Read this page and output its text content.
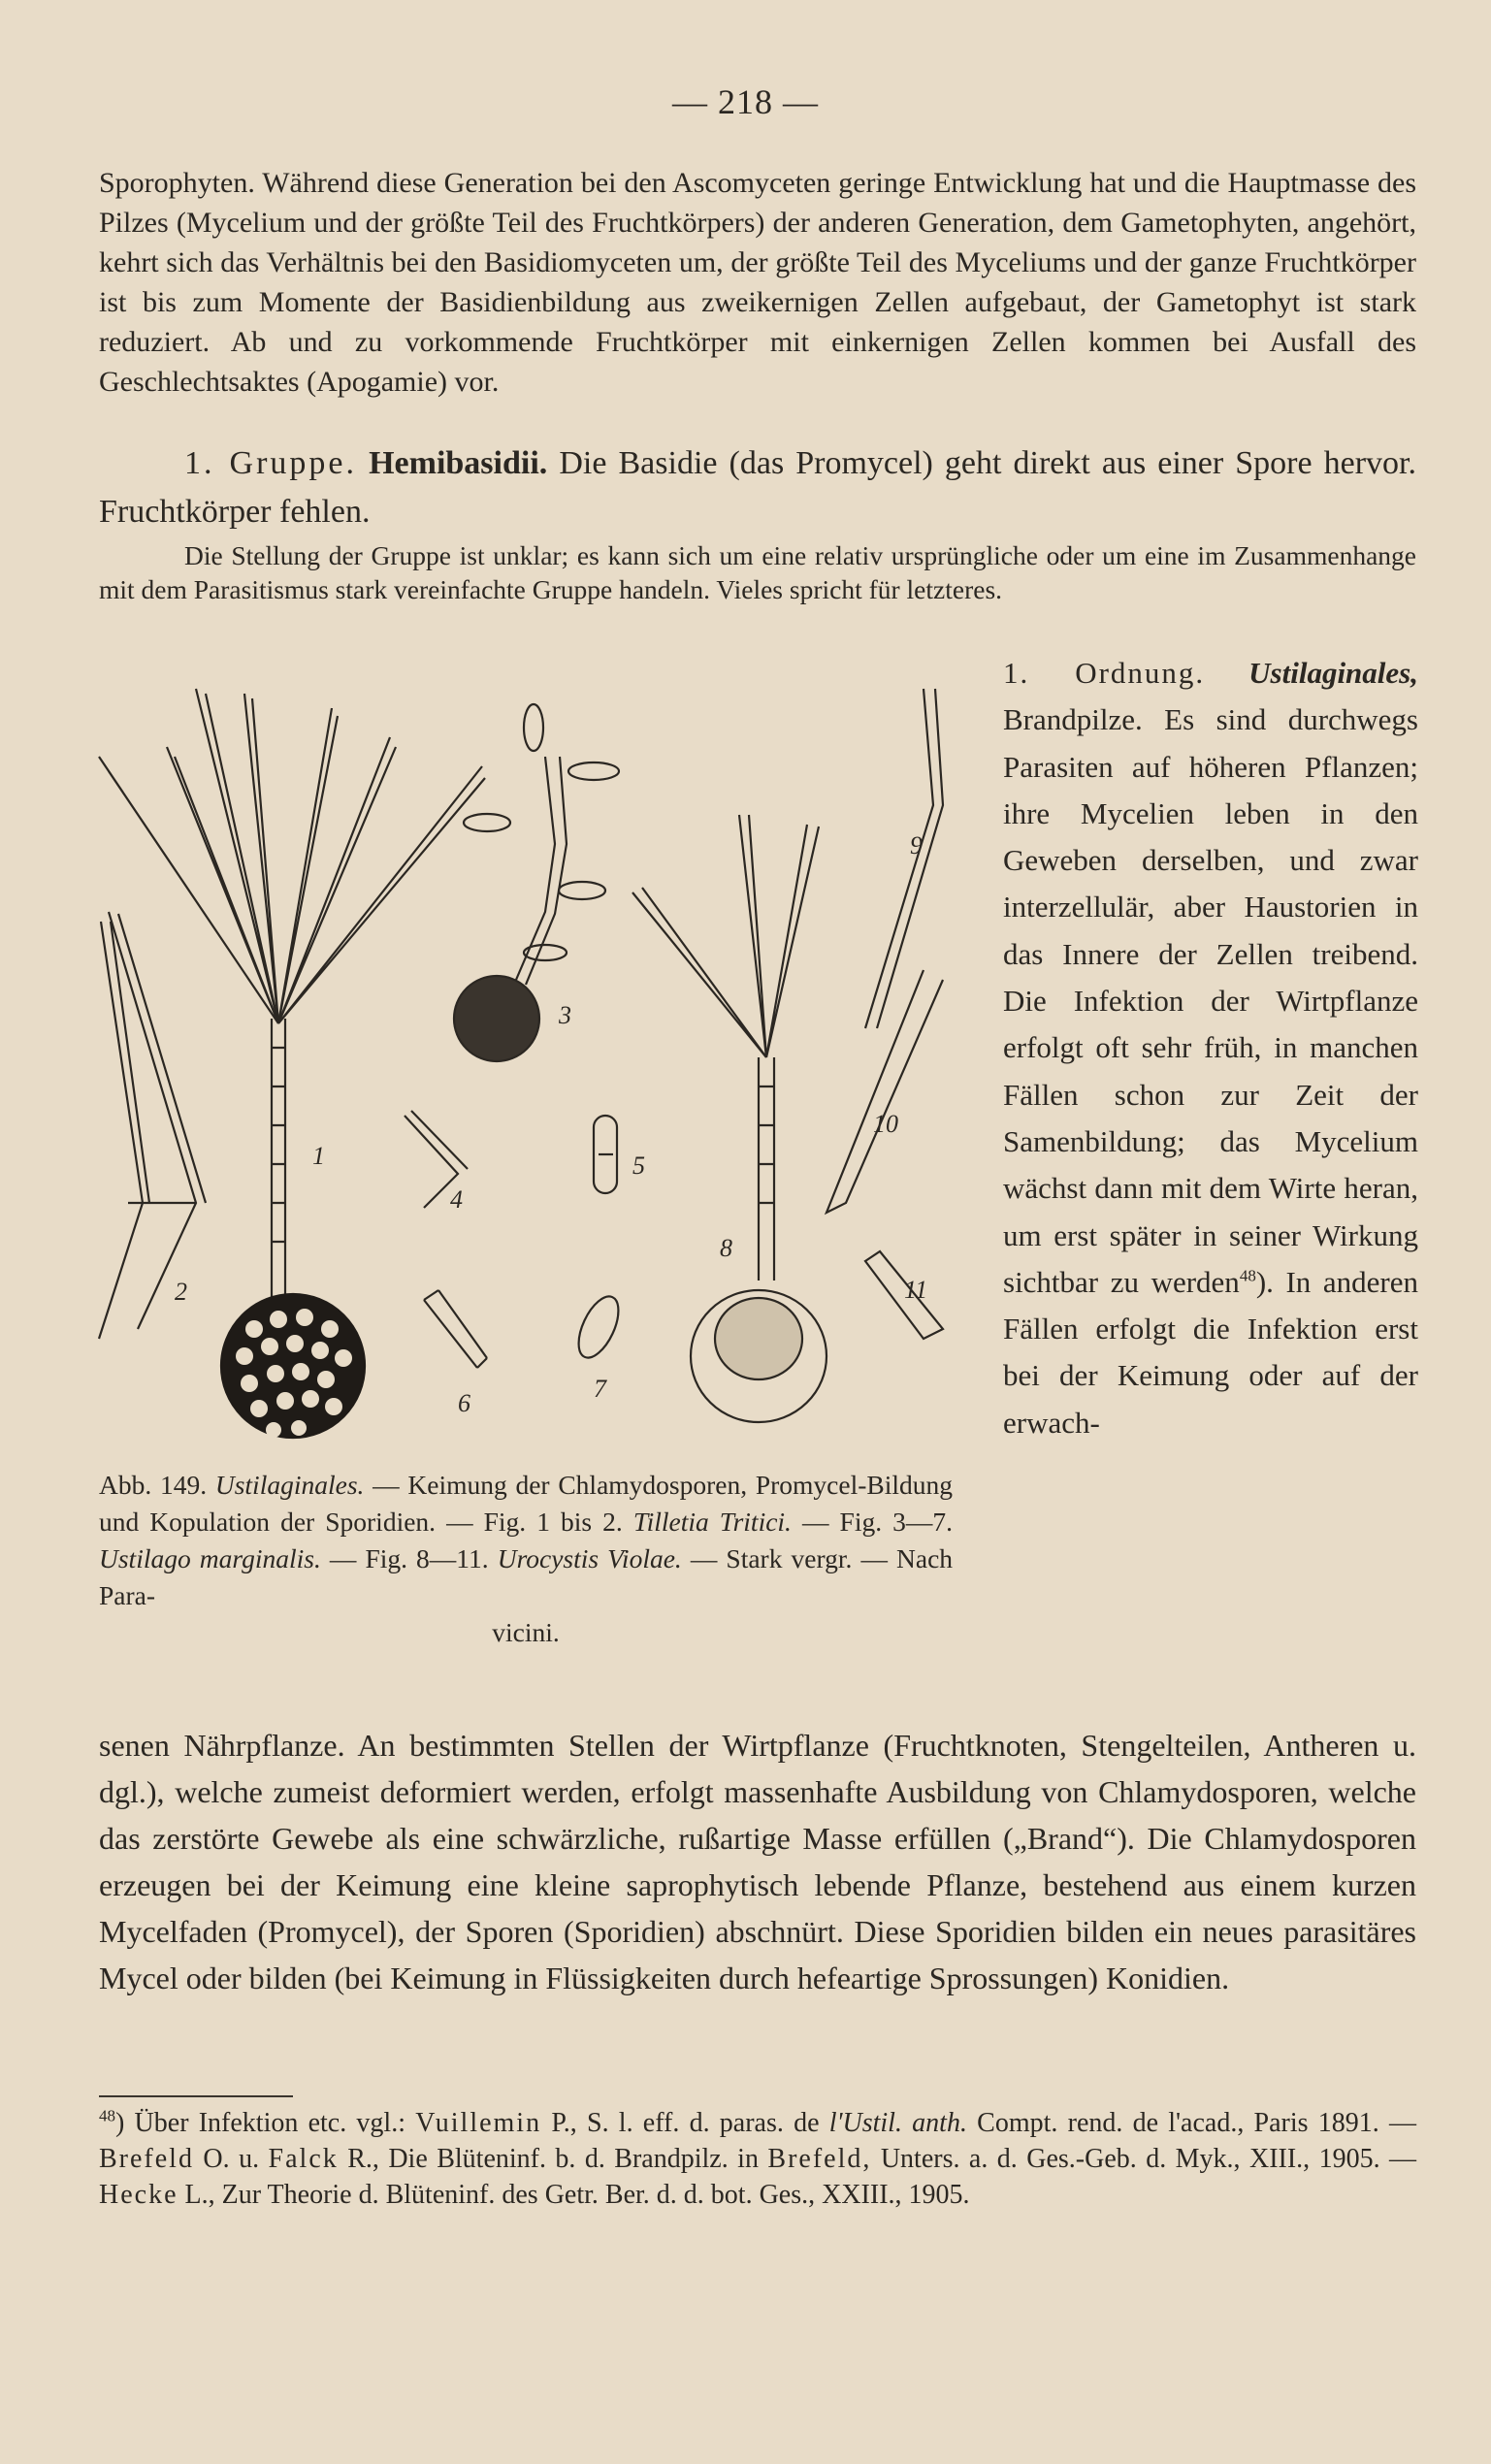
— 218 —
Sporophyten. Während diese Generation bei den Ascomyceten geringe Entwicklung hat und die Hauptmasse des Pilzes (Mycelium und der größte Teil des Fruchtkörpers) der anderen Generation, dem Gametophyten, angehört, kehrt sich das Verhältnis bei den Basidiomyceten um, der größte Teil des Myceliums und der ganze Fruchtkörper ist bis zum Momente der Basidienbildung aus zweikernigen Zellen aufgebaut, der Gametophyt ist stark reduziert. Ab und zu vorkommende Fruchtkörper mit einkernigen Zellen kommen bei Ausfall des Geschlechtsaktes (Apogamie) vor.
1. Gruppe. Hemibasidii. Die Basidie (das Promycel) geht direkt aus einer Spore hervor. Fruchtkörper fehlen.
Die Stellung der Gruppe ist unklar; es kann sich um eine relativ ursprüngliche oder um eine im Zusammenhange mit dem Parasitismus stark vereinfachte Gruppe handeln. Vieles spricht für letzteres.
1
2
3
4
5
6
7
8
9
10
11
Abb. 149. Ustilaginales. — Keimung der Chlamydosporen, Promycel-Bildung und Kopulation der Sporidien. — Fig. 1 bis 2. Tilletia Tritici. — Fig. 3—7. Ustilago marginalis. — Fig. 8—11. Urocystis Violae. — Stark vergr. — Nach Para-
vicini.
1. Ordnung. Ustilaginales, Brandpilze. Es sind durchwegs Parasiten auf höheren Pflanzen; ihre Mycelien leben in den Geweben derselben, und zwar interzellulär, aber Haustorien in das Innere der Zellen treibend. Die Infektion der Wirtpflanze erfolgt oft sehr früh, in manchen Fällen schon zur Zeit der Samenbildung; das Mycelium wächst dann mit dem Wirte heran, um erst später in seiner Wirkung sichtbar zu werden$^{48}$). In anderen Fällen erfolgt die Infektion erst bei der Keimung oder auf der erwach-
senen Nährpflanze. An bestimmten Stellen der Wirtpflanze (Fruchtknoten, Stengelteilen, Antheren u. dgl.), welche zumeist deformiert werden, erfolgt massenhafte Ausbildung von Chlamydosporen, welche das zerstörte Gewebe als eine schwärzliche, rußartige Masse erfüllen („Brand“). Die Chlamydosporen erzeugen bei der Keimung eine kleine saprophytisch lebende Pflanze, bestehend aus einem kurzen Mycelfaden (Promycel), der Sporen (Sporidien) abschnürt. Diese Sporidien bilden ein neues parasitäres Mycel oder bilden (bei Keimung in Flüssigkeiten durch hefeartige Sprossungen) Konidien.
$^{48}$) Über Infektion etc. vgl.: Vuillemin P., S. l. eff. d. paras. de l'Ustil. anth. Compt. rend. de l'acad., Paris 1891. — Brefeld O. u. Falck R., Die Blüteninf. b. d. Brandpilz. in Brefeld, Unters. a. d. Ges.-Geb. d. Myk., XIII., 1905. — Hecke L., Zur Theorie d. Blüteninf. des Getr. Ber. d. d. bot. Ges., XXIII., 1905.
